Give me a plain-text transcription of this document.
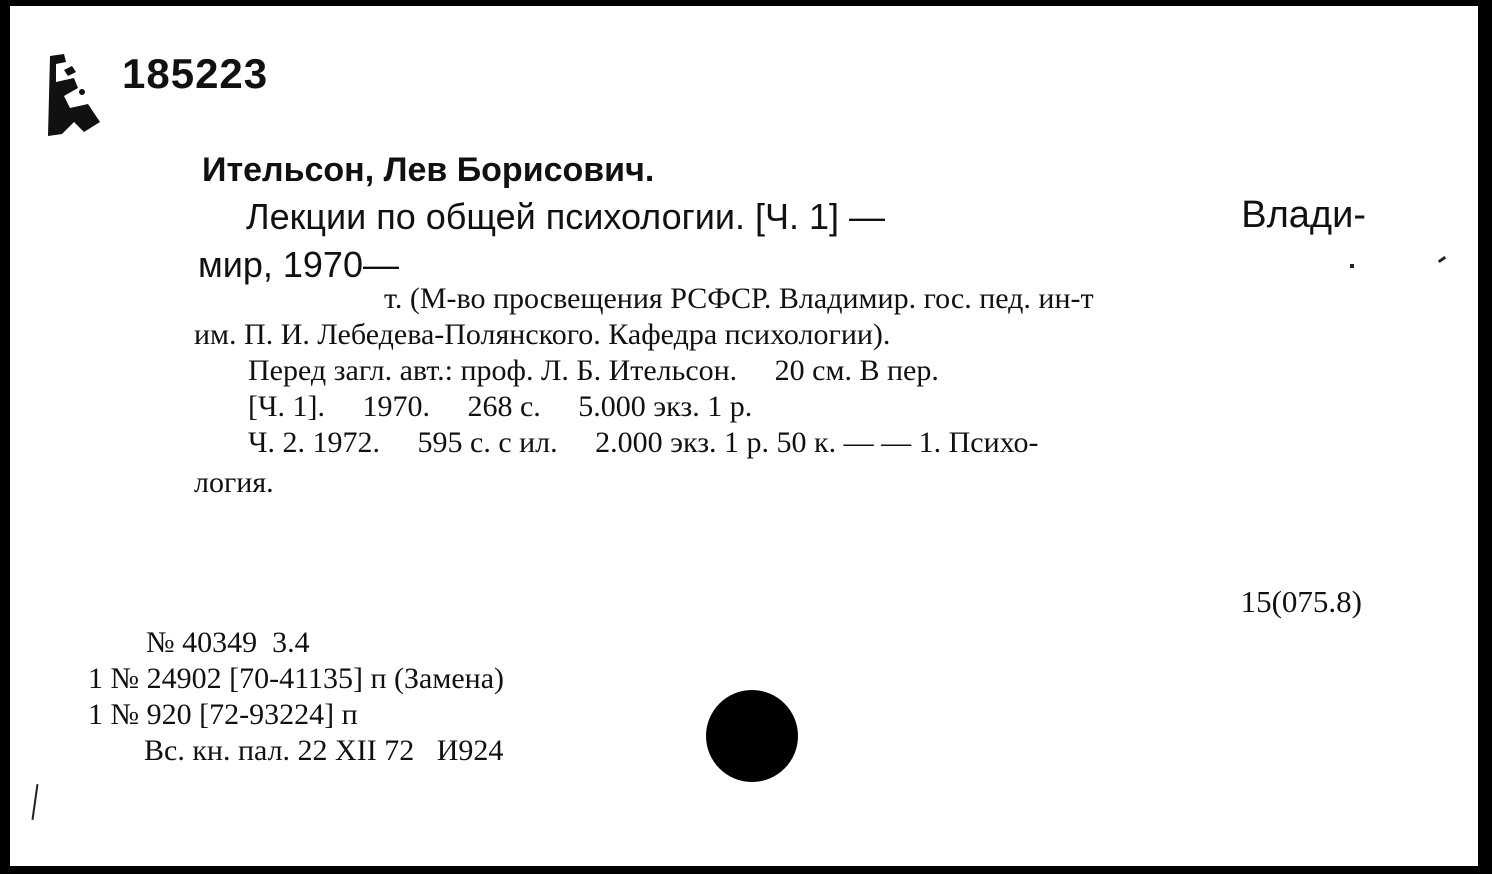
185223
Ительсон, Лев Борисович.
Лекции по общей психологии. [Ч. 1] —	Влади-
мир, 1970—
т. (М-во просвещения РСФСР. Владимир. гос. пед. ин-т
им. П. И. Лебедева-Полянского. Кафедра психологии).
Перед загл. авт.: проф. Л. Б. Ительсон.     20 см. В пер.
[Ч. 1].     1970.     268 с.     5.000 экз. 1 р.
Ч. 2. 1972.     595 с. с ил.     2.000 экз. 1 р. 50 к. — — 1. Психо-
логия.
15(075.8)
№ 40349  3.4
1 № 24902 [70-41135] п (Замена)
1 № 920 [72-93224] п
Вс. кн. пал. 22 XII 72   И924
